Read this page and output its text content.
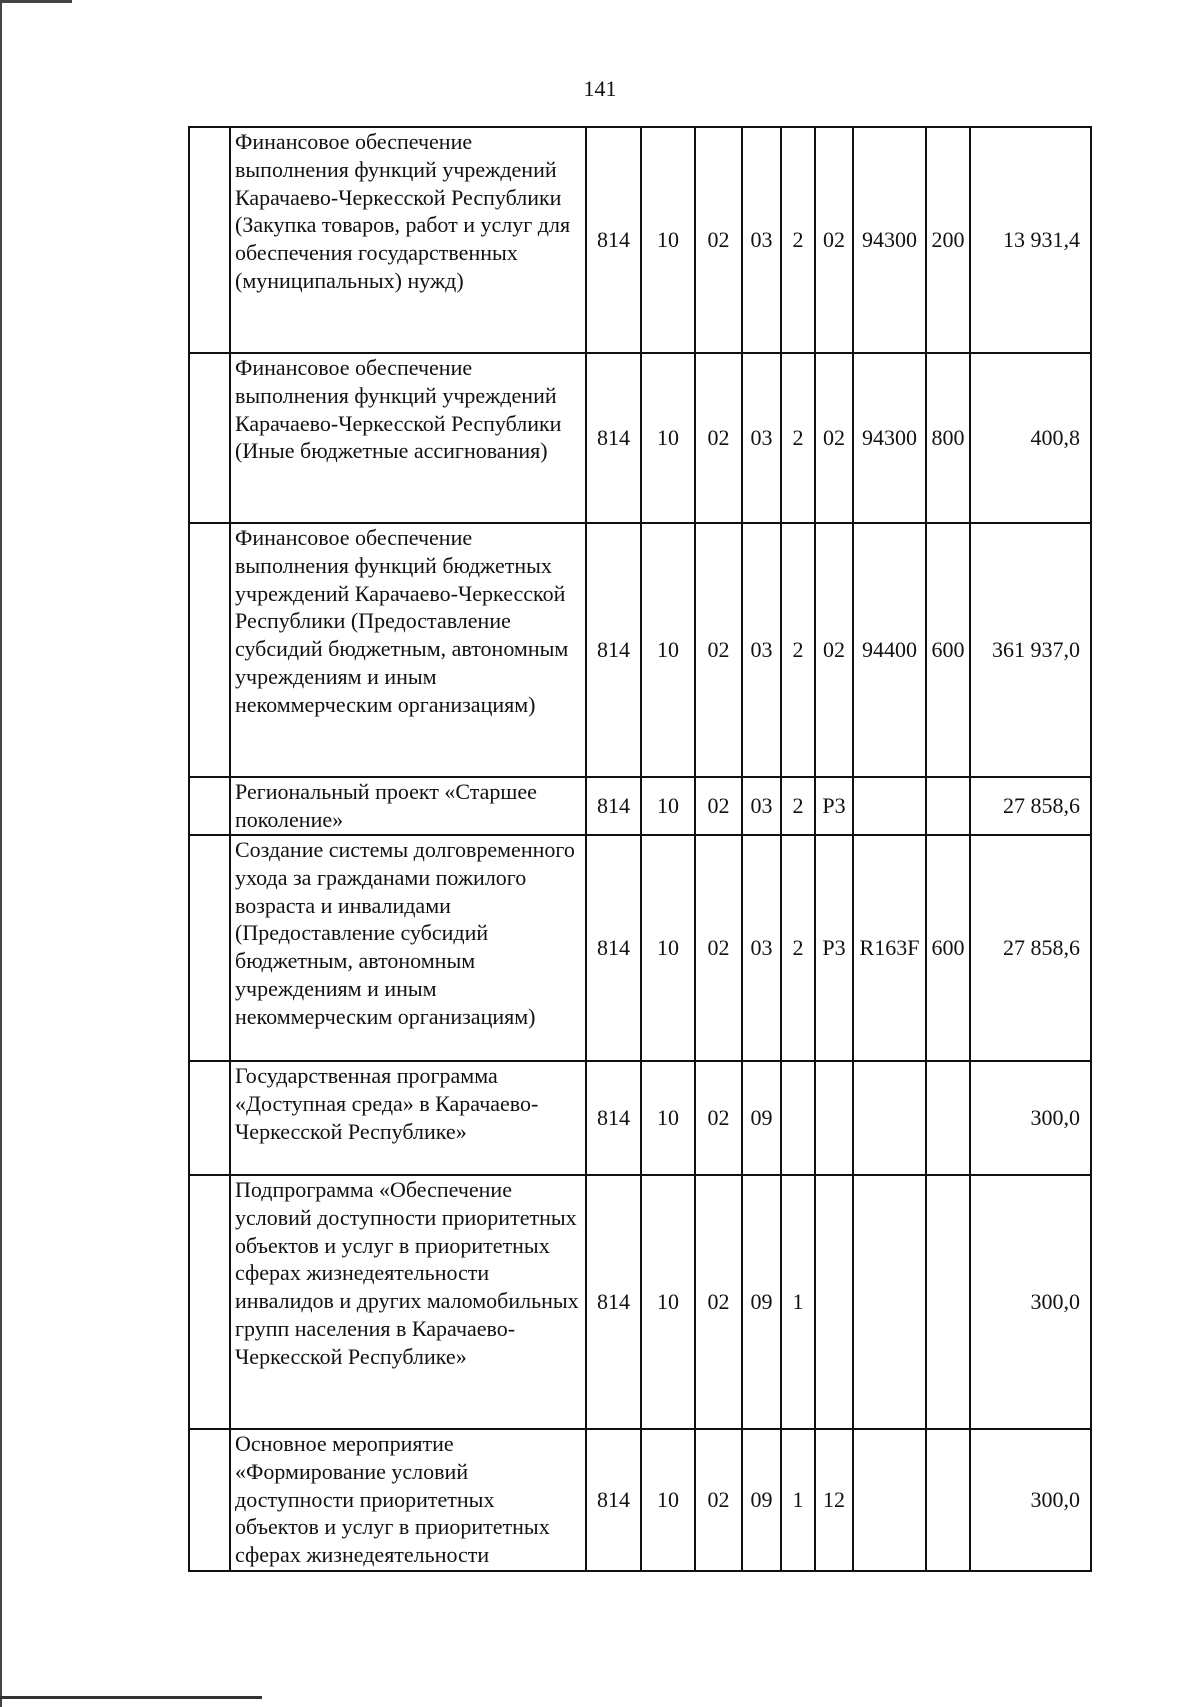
141
	Финансовое обеспечение выполнения функций учреждений Карачаево-Черкесской Республики (Закупка товаров, работ и услуг для обеспечения государственных (муниципальных) нужд)	814	10	02	03	2	02	94300	200	13 931,4
	Финансовое обеспечение выполнения функций учреждений Карачаево-Черкесской Республики (Иные бюджетные ассигнования)	814	10	02	03	2	02	94300	800	400,8
	Финансовое обеспечение выполнения функций бюджетных учреждений Карачаево-Черкесской Республики (Предоставление субсидий бюджетным, автономным учреждениям и иным некоммерческим организациям)	814	10	02	03	2	02	94400	600	361 937,0
	Региональный проект «Старшее поколение»	814	10	02	03	2	P3			27 858,6
	Создание системы долговременного ухода за гражданами пожилого возраста и инвалидами (Предоставление субсидий бюджетным, автономным учреждениям и иным некоммерческим организациям)	814	10	02	03	2	P3	R163F	600	27 858,6
	Государственная программа «Доступная среда» в Карачаево-Черкесской Республике»	814	10	02	09					300,0
	Подпрограмма «Обеспечение условий доступности приоритетных объектов и услуг в приоритетных сферах жизнедеятельности инвалидов и других маломобильных групп населения в Карачаево-Черкесской Республике»	814	10	02	09	1				300,0
	Основное мероприятие «Формирование условий доступности приоритетных объектов и услуг в приоритетных сферах жизнедеятельности	814	10	02	09	1	12			300,0
